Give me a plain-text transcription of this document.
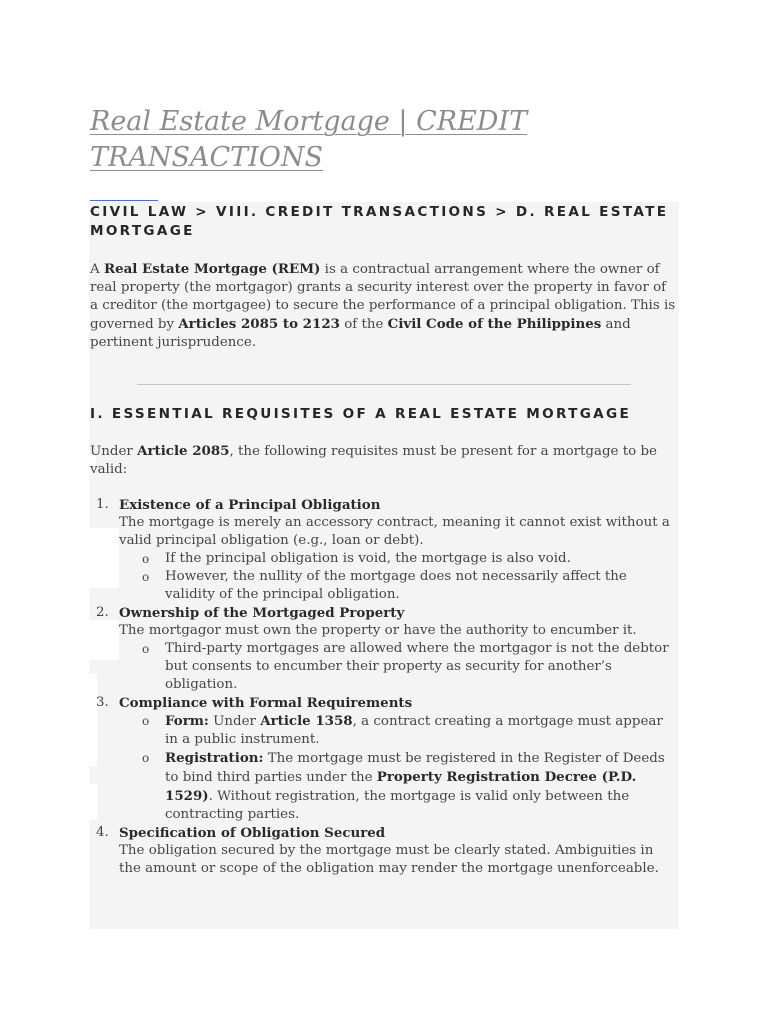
Real Estate Mortgage | CREDIT TRANSACTIONS

CIVIL LAW > VIII. CREDIT TRANSACTIONS > D. REAL ESTATE MORTGAGE

A Real Estate Mortgage (REM) is a contractual arrangement where the owner of real property (the mortgagor) grants a security interest over the property in favor of a creditor (the mortgagee) to secure the performance of a principal obligation. This is governed by Articles 2085 to 2123 of the Civil Code of the Philippines and pertinent jurisprudence.

I. ESSENTIAL REQUISITES OF A REAL ESTATE MORTGAGE

Under Article 2085, the following requisites must be present for a mortgage to be valid:

1. Existence of a Principal Obligation
The mortgage is merely an accessory contract, meaning it cannot exist without a valid principal obligation (e.g., loan or debt).
o If the principal obligation is void, the mortgage is also void.
o However, the nullity of the mortgage does not necessarily affect the validity of the principal obligation.
2. Ownership of the Mortgaged Property
The mortgagor must own the property or have the authority to encumber it.
o Third-party mortgages are allowed where the mortgagor is not the debtor but consents to encumber their property as security for another’s obligation.
3. Compliance with Formal Requirements
o Form: Under Article 1358, a contract creating a mortgage must appear in a public instrument.
o Registration: The mortgage must be registered in the Register of Deeds to bind third parties under the Property Registration Decree (P.D. 1529). Without registration, the mortgage is valid only between the contracting parties.
4. Specification of Obligation Secured
The obligation secured by the mortgage must be clearly stated. Ambiguities in the amount or scope of the obligation may render the mortgage unenforceable.
